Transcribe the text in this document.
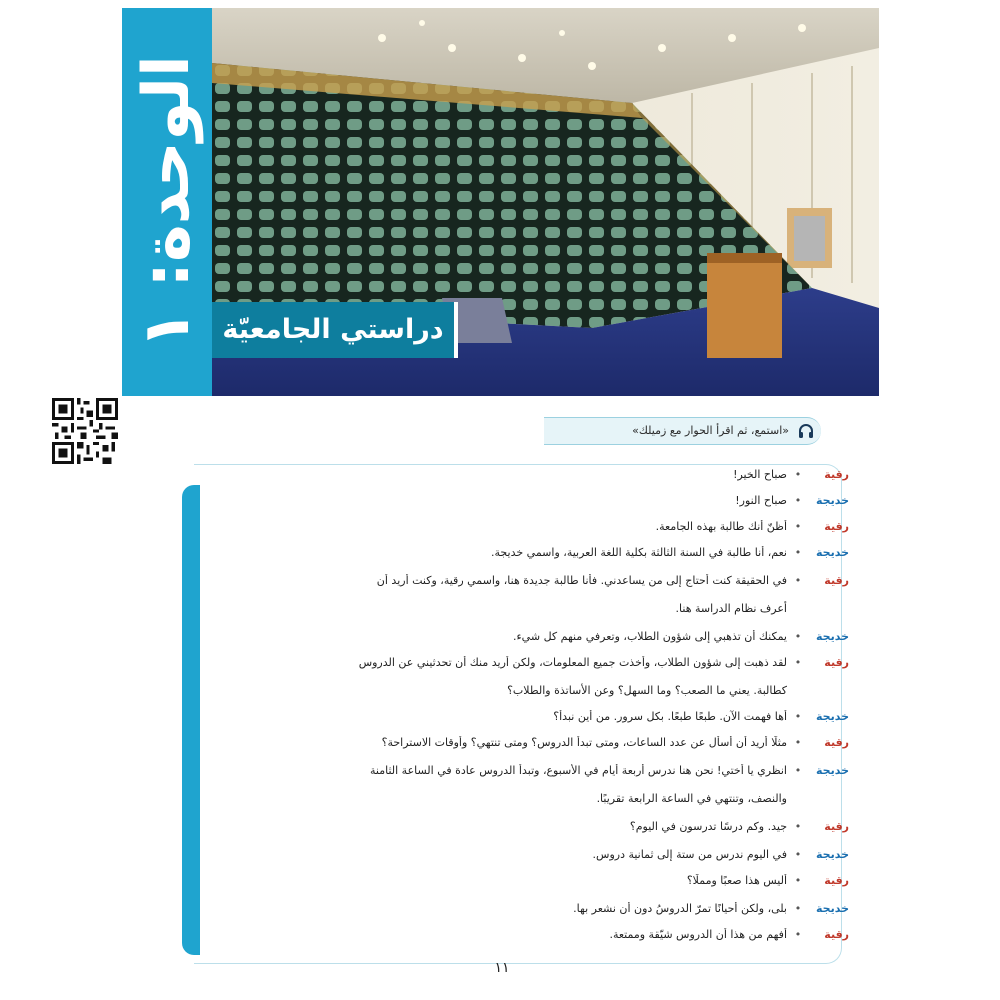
الوحدة: ١
دراستي الجامعيّة
«استمع، ثم اقرأ الحوار مع زميلك»
رقية
•
صباح الخير!
خديجة
•
صباح النور!
رقية
•
أظنّ أنك طالبة بهذه الجامعة.
خديجة
•
نعم، أنا طالبة في السنة الثالثة بكلية اللغة العربية، واسمي خديجة.
رقية
•
في الحقيقة كنت أحتاج إلى من يساعدني. فأنا طالبة جديدة هنا، واسمي رقية، وكنت أريد أن
أعرف نظام الدراسة هنا.
خديجة
•
يمكنك أن تذهبي إلى شؤون الطلاب، وتعرفي منهم كل شيء.
رقية
•
لقد ذهبت إلى شؤون الطلاب، وأخذت جميع المعلومات، ولكن أريد منك أن تحدثيني عن الدروس
كطالبة. يعني ما الصعب؟ وما السهل؟ وعن الأساتذة والطلاب؟
خديجة
•
أها فهمت الآن. طبعًا طبعًا. بكل سرور. من أين نبدأ؟
رقية
•
مثلًا أريد أن أسأل عن عدد الساعات، ومتى تبدأ الدروس؟ ومتى تنتهي؟ وأوقات الاستراحة؟
خديجة
•
انظري يا أختي! نحن هنا ندرس أربعة أيام في الأسبوع، وتبدأ الدروس عادة في الساعة الثامنة
والنصف، وتنتهي في الساعة الرابعة تقريبًا.
رقية
•
جيد. وكم درسًا تدرسون في اليوم؟
خديجة
•
في اليوم ندرس من ستة إلى ثمانية دروس.
رقية
•
أليس هذا صعبًا ومملًا؟
خديجة
•
بلى، ولكن أحيانًا تمرّ الدروسُ دون أن نشعر بها.
رقية
•
أفهم من هذا أن الدروس شيّقة وممتعة.
١١
